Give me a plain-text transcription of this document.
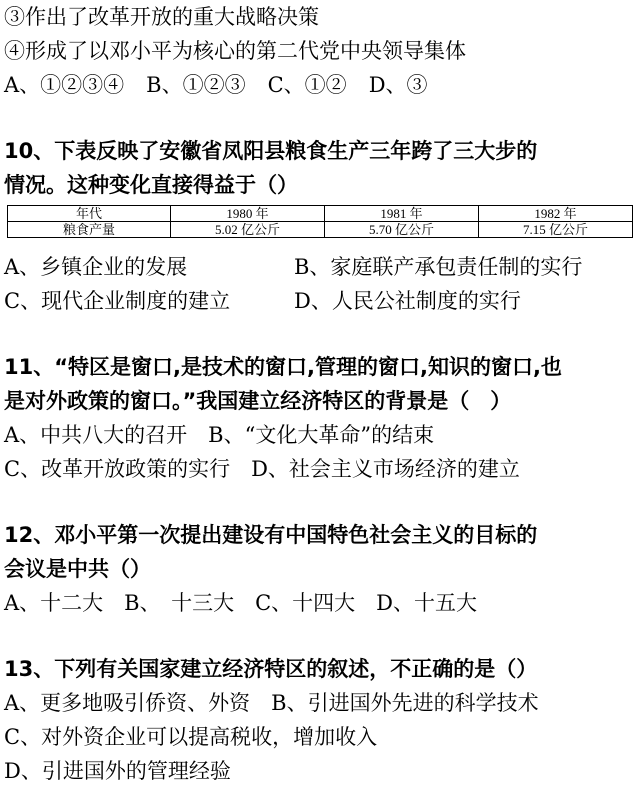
③作出了改革开放的重大战略决策
④形成了以邓小平为核心的第二代党中央领导集体
A、①②③④ B、①②③ C、①② D、③
10、下表反映了安徽省凤阳县粮食生产三年跨了三大步的
情况。这种变化直接得益于（）
年代	1980 年	1981 年	1982 年
粮食产量	5.02 亿公斤	5.70 亿公斤	7.15 亿公斤
A、乡镇企业的发展	B、家庭联产承包责任制的实行
C、现代企业制度的建立	D、人民公社制度的实行
11、“特区是窗口,是技术的窗口,管理的窗口,知识的窗口,也
是对外政策的窗口。”我国建立经济特区的背景是（　）
A、中共八大的召开　B、“文化大革命”的结束
C、改革开放政策的实行　D、社会主义市场经济的建立
12、邓小平第一次提出建设有中国特色社会主义的目标的
会议是中共（）
A、十二大　B、　十三大　C、十四大　D、十五大
13、下列有关国家建立经济特区的叙述，不正确的是（）
A、更多地吸引侨资、外资　B、引进国外先进的科学技术
C、对外资企业可以提高税收，增加收入
D、引进国外的管理经验
